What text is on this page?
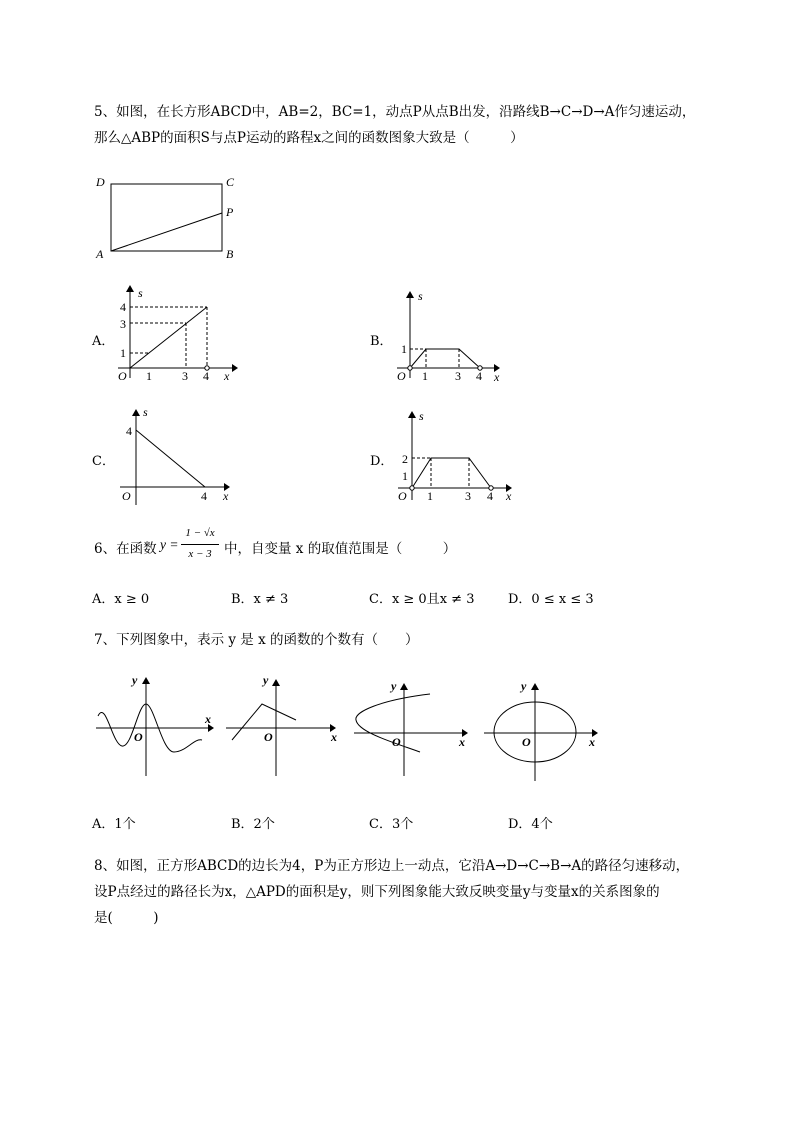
5、如图，在长方形ABCD中，AB=2，BC=1，动点P从点B出发，沿路线B→C→D→A作匀速运动，
那么△ABP的面积S与点P运动的路程x之间的函数图象大致是（　　　）
D	C
P
A	B
A．
s
4
3
1
O 1	3 4 x
B．
s
1
O 1 3 4 x
C．
s
4
O	4 x
D．
s
2
1
O 1	3 4 x
6、在函数 y =
1 − √x
x − 3 中，自变量 x 的取值范围是（　　　）
A．x ≥ 0	B．x ≠ 3	C．x ≥ 0且x ≠ 3	D．0 ≤ x ≤ 3
7、下列图象中，表示 y 是 x 的函数的个数有（　　）
y
x
O
y
x
O
y
x
O
y
x
O
A．1个	B．2个	C．3个	D．4个
8、如图，正方形ABCD的边长为4，P为正方形边上一动点，它沿A→D→C→B→A的路径匀速移动，
设P点经过的路径长为x，△APD的面积是y，则下列图象能大致反映变量y与变量x的关系图象的
是(　　　)
